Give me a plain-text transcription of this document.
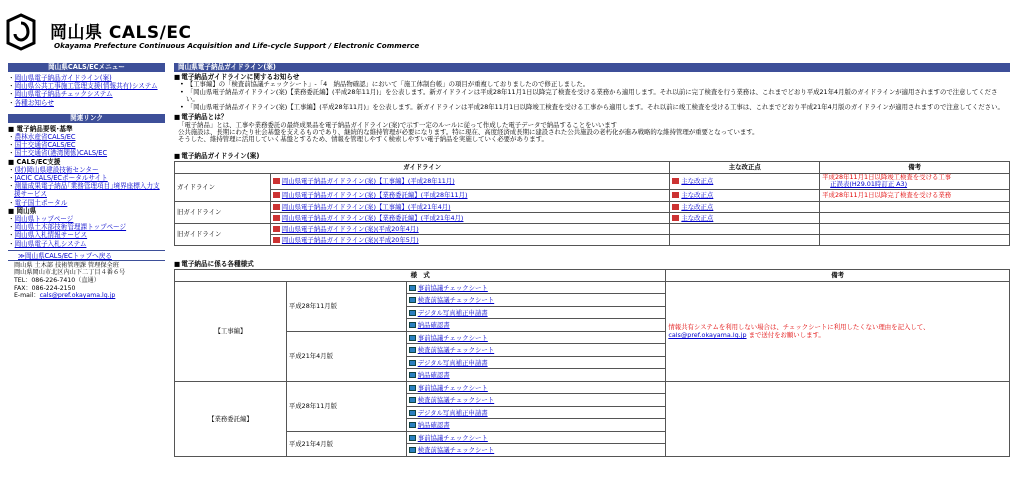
岡山県 CALS/EC
Okayama Prefecture Continuous Acquisition and Life-cycle Support / Electronic Commerce
岡山県CALS/ECメニュー
・岡山県電子納品ガイドライン(案)
・岡山県公共工事施工管理支援(情報共有)システム
・岡山県電子納品チェックシステム
・各種お知らせ
関連リンク
■ 電子納品要領･基準
・農林水産省CALS/EC
・国土交通省CALS/EC
・国土交通省(港湾関係)CALS/EC
■ CALS/EC支援
・(財)岡山県建設技術センター
・JACIC CALS/ECポータルサイト
・測量成果電子納品｢業務管理項目｣境界座標入力支援サービス
・電子国土ポータル
■ 岡山県
・岡山県トップページ
・岡山県土木部技術管理課トップページ
・岡山県入札情報サービス
・岡山県電子入札システム
≫岡山県CALS/ECトップへ戻る
岡山県 土木部 技術管理課 管理保全班
岡山県岡山市北区内山下二丁目４番６号
TEL：086-226-7410（直通）
FAX：086-224-2150
E-mail：cals@pref.okayama.lg.jp
岡山県電子納品ガイドライン(案)
■ 電子納品ガイドラインに関するお知らせ
• 【工事編】の「検査前協議チェックシート」-「4　納品物確認」において「施工体制台帳」の項目が重複しておりましたので修正しました。
• 「岡山県電子納品ガイドライン(案)【業務委託編】(平成28年11月)」を公表します。新ガイドラインは平成28年11月1日以降完了検査を受ける業務から適用します。それ以前に完了検査を行う業務は、これまでどおり平成21年4月版のガイドラインが適用されますので注意してください。
• 「岡山県電子納品ガイドライン(案)【工事編】(平成28年11月)」を公表します。新ガイドラインは平成28年11月1日以降竣工検査を受ける工事から適用します。それ以前に竣工検査を受ける工事は、これまでどおり平成21年4月版のガイドラインが適用されますので注意してください。
■ 電子納品とは？
「電子納品」とは、工事や業務委託の最終成果品を電子納品ガイドライン(案)で示す一定のルールに従って作成した電子データで納品することをいいます
公共施設は、長期にわたり社会基盤を支えるものであり、継続的な維持管理が必要になります。特に現在、高度経済成長期に建設された公共施設の老朽化が進み戦略的な維持管理が重要となっています。
そうした、維持管理に活用していく基盤とするため、情報を管理しやすく検索しやすい電子納品を実施していく必要があります。
■ 電子納品ガイドライン(案)
ガイドライン		主な改正点	備考
ガイドライン	岡山県電子納品ガイドライン(案)【工事編】(平成28年11月)	主な改正点	平成28年11月1日以降竣工検査を受ける工事
正誤表(H29.01時訂正 A3)
	岡山県電子納品ガイドライン(案)【業務委託編】(平成28年11月)	主な改正点	平成28年11月1日以降完了検査を受ける業務
旧ガイドライン	岡山県電子納品ガイドライン(案)【工事編】(平成21年4月)	主な改正点	
	岡山県電子納品ガイドライン(案)【業務委託編】(平成21年4月)	主な改正点	
旧ガイドライン	岡山県電子納品ガイドライン(案)(平成20年4月)		
	岡山県電子納品ガイドライン(案)(平成20年5月)		
■ 電子納品に係る各種様式
様　式			備考
【工事編】	平成28年11月版	事前協議チェックシート	情報共有システムを利用しない場合は、チェックシートに利用したくない理由を記入して、cals@pref.okayama.lg.jp まで送付をお願いします。
		検査前協議チェックシート	
		デジタル写真補正申請書	
		納品確認書	
	平成21年4月版	事前協議チェックシート	
		検査前協議チェックシート	
		デジタル写真補正申請書	
		納品確認書	
【業務委託編】	平成28年11月版	事前協議チェックシート	
		検査前協議チェックシート	
		デジタル写真補正申請書	
		納品確認書	
	平成21年4月版	事前協議チェックシート	
		検査前協議チェックシート	
